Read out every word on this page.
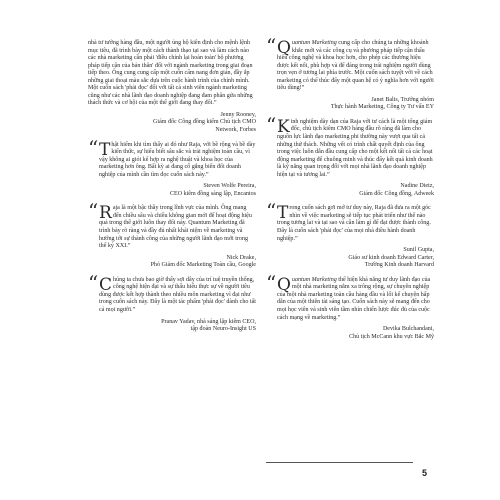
nhà tư tưởng hàng đầu, một người ủng hộ kiên định cho mệnh lệnh mục tiêu, đã trình bày một cách thành thạo tại sao và làm cách nào các nhà marketing cần phải 'điều chỉnh lại hoàn toàn' bộ phương pháp tiếp cận của bản thân' đối với ngành marketing trong giai đoạn tiếp theo. Ông cung cung cấp một cuốn cẩm nang đơn giản, đầy ắp những giai thoại màu sắc dựa trên cuộc hành trình của chính mình. Một cuốn sách 'phải đọc' đối với tất cả sinh viên ngành marketing cũng như các nhà lãnh đạo doanh nghiệp đang đam phân gửa những thách thức và cơ hội của một thế giới đang thay đổi.”

Jenny Rooney,
Giám đốc Công đồng kiểm Chủ tịch CMO
Network, Forbes
“ Thật hiếm khi tìm thấy ai đó như Raja, với bề rộng và bề dày kiến thức, sự hiểu biết sâu sắc và trải nghiệm toàn cầu, vì vậy không ai giỏi kể hợp ra nghệ thuật và khoa học của marketing hơn ông. Bất kỳ ai đang cố gắng biến đổi doanh nghiệp của mình cần tìm đọc cuốn sách này.”

Steven Wolfe Pereira,
CEO kiêm đồng sáng lập, Encantos
“ Raja là một bậc thầy trong lĩnh vực của mình. Ông mang đến chiều sâu và chiều không gian mới để hoạt động hiệu quả trong thế giới luôn thay đổi này. Quantum Marketing đã trình bày rõ ràng và đầy đủ nhất khái niệm về marketing và hướng tới sự thành công của những người lãnh đạo mới trong thế kỷ XXI.”

Nick Drake,
Phó Giám đốc Marketing Toàn cầu, Google
“ Chúng ta chưa bao giờ thấy sợi dây của trí tuệ truyền thống, công nghệ hiện đại và sự thấu hiểu thực sự về người tiêu dùng được kết hợp thành theo nhiều môn marketing vì đại như trong cuốn sách này. Đây là một tác phẩm 'phải đọc' dành cho tất cả mọi người.”

Pranav Yadav, nhà sáng lập kiêm CEO,
tập đoàn Neuro-Insight US
“ Quantum Marketing cung cấp cho chúng ta những khoảnh khắc mới và các công cụ và phương pháp tiếp cận thấu hiểu công nghệ và khoa học hơn, cho phép các thương hiệu được kết nối, phù hợp và để đáng trong trái nghiệm người dùng trọn vẹn ở tương lai phía trước. Một cuốn sách tuyệt vời về cách marketing có thể thúc đẩy một quan hệ có ý nghĩa hơn với người tiêu dùng!”

Janet Balis, Trưởng nhóm
Thực hành Marketing, Công ty Tư vấn EY
“ Kinh nghiệm dày dạn của Raja với tư cách là một tổng giám đốc, chủ tịch kiêm CMO hàng đầu rõ ràng đã làm cho nguồn lực lãnh đạo marketing phi thường này vượt qua tất cả những thử thách. Những vết có trình chất quyết định của ông trong việc luôn dẫn đầu cung cấp cho một kết nối tất cả các hoạt động marketing để chuông minh và thúc đẩy kết quả kinh doanh là kỹ năng quan trọng đối với mọi nhà lãnh đạo doanh nghiệp hiện tại và tương lai.”

Nadine Dietz,
Giám đốc Công đồng, Adweek
“ Trong cuốn sách gơi mở tư duy này, Raja đã đưa ra một góc nhìn về việc marketing sẽ tiếp tục phát triển như thế nào trong tương lai và tại sao và cần làm gì để đạt được thành công. Đây là cuốn sách 'phải đọc' của mọi nhà điều hành doanh nghiệp.”

Sunil Gupta,
Giáo sư kinh doanh Edward Carter,
Trường Kinh doanh Harvard
“ Quantum Marketing thể hiện khá năng tư duy lãnh đạo của một nhà marketing nằm xa trông rộng, sự chuyên nghiệp của một nhà marketing toàn cầu hàng đầu và lối kể chuyện hấp dẫn của một thiên tài sáng tạo. Cuốn sách này sẽ mang đến cho mọi học viên và sinh viên tầm nhìn chiến lược đúc đủ của cuộc cách mạng về marketing.”

Devika Bulchandani,
Chủ tịch McCann khu vực Bắc Mỹ
5
